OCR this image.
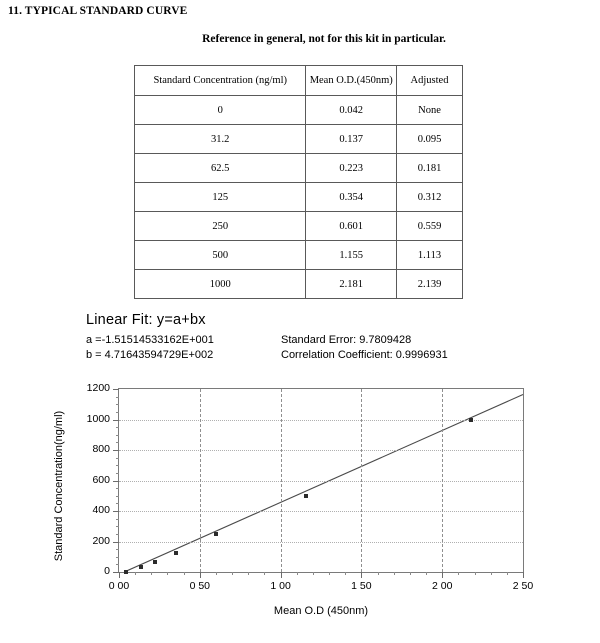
11. TYPICAL STANDARD CURVE
Reference in general, not for this kit in particular.
Standard Concentration (ng/ml)	Mean O.D.(450nm)	Adjusted
0	0.042	None
31.2	0.137	0.095
62.5	0.223	0.181
125	0.354	0.312
250	0.601	0.559
500	1.155	1.113
1000	2.181	2.139
Linear Fit: y=a+bx
a =-1.51514533162E+001
b = 4.71643594729E+002
Standard Error: 9.7809428
Correlation Coefficient: 0.9996931
Standard Concentration(ng/ml)
0
200
400
600
800
1000
1200
0 00	0 50	1 00	1 50	2 00	2 50
Mean O.D (450nm)
